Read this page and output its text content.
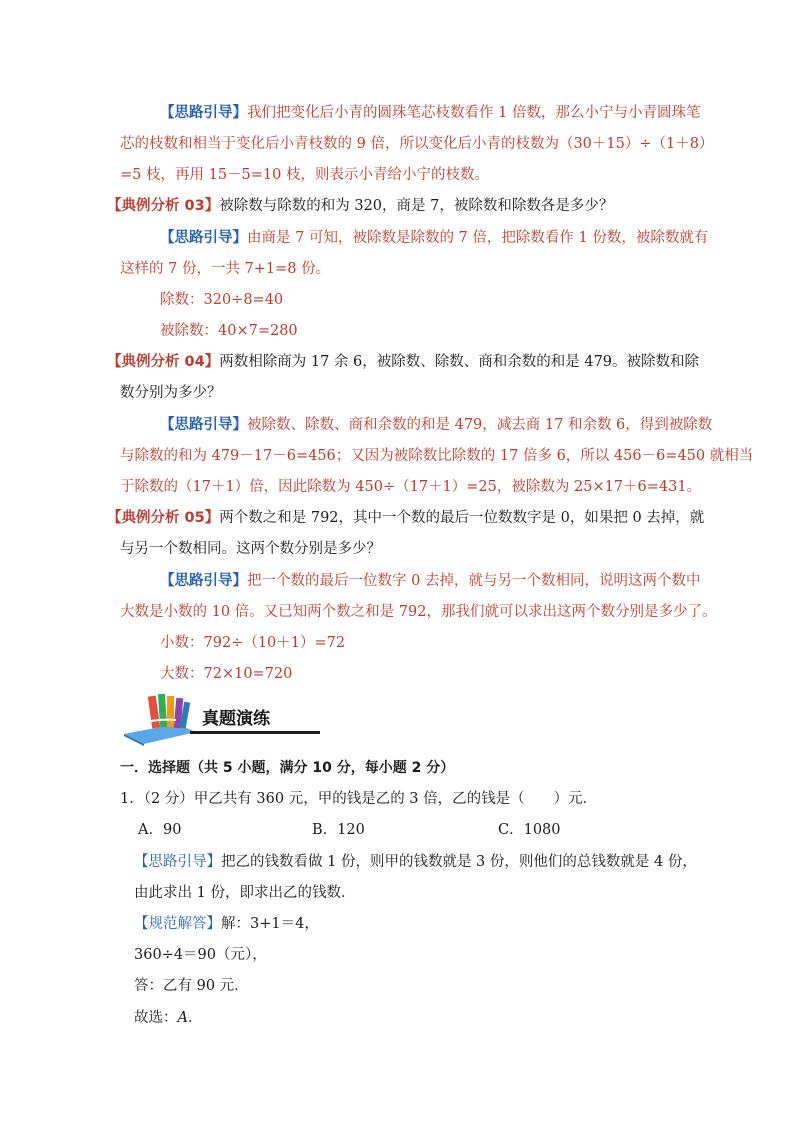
【思路引导】我们把变化后小青的圆珠笔芯枝数看作 1 倍数，那么小宁与小青圆珠笔
芯的枝数和相当于变化后小青枝数的 9 倍，所以变化后小青的枝数为（30＋15）÷（1＋8）
=5 枝，再用 15－5=10 枝，则表示小青给小宁的枝数。
【典例分析 03】被除数与除数的和为 320，商是 7，被除数和除数各是多少？
【思路引导】由商是 7 可知，被除数是除数的 7 倍，把除数看作 1 份数，被除数就有
这样的 7 份，一共 7+1=8 份。
除数：320÷8=40
被除数：40×7=280
【典例分析 04】两数相除商为 17 余 6，被除数、除数、商和余数的和是 479。被除数和除
数分别为多少？
【思路引导】被除数、除数、商和余数的和是 479，减去商 17 和余数 6，得到被除数
与除数的和为 479－17－6=456；又因为被除数比除数的 17 倍多 6，所以 456－6=450 就相当
于除数的（17＋1）倍，因此除数为 450÷（17＋1）=25，被除数为 25×17＋6=431。
【典例分析 05】两个数之和是 792，其中一个数的最后一位数数字是 0，如果把 0 去掉，就
与另一个数相同。这两个数分别是多少？
【思路引导】把一个数的最后一位数字 0 去掉，就与另一个数相同，说明这两个数中
大数是小数的 10 倍。又已知两个数之和是 792，那我们就可以求出这两个数分别是多少了。
小数：792÷（10＋1）=72
大数：72×10=720
真题演练
一．选择题（共 5 小题，满分 10 分，每小题 2 分）
1．（2 分）甲乙共有 360 元，甲的钱是乙的 3 倍，乙的钱是（　　）元．
A．90	B．120	C．1080
【思路引导】把乙的钱数看做 1 份，则甲的钱数就是 3 份，则他们的总钱数就是 4 份，
由此求出 1 份，即求出乙的钱数．
【规范解答】解：3+1＝4，
360÷4＝90（元），
答：乙有 90 元．
故选：A．
